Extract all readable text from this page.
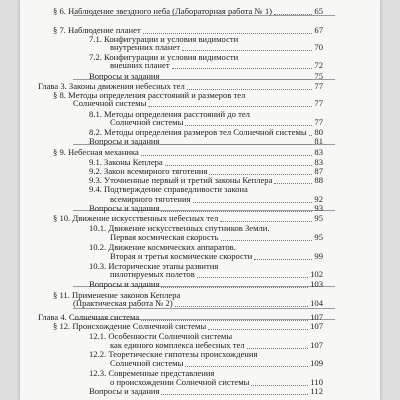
§ 6. Наблюдение звездного неба (Лабораторная работа № 1)	65
§ 7. Наблюдение планет	67
7.1. Конфигурации и условия видимости
внутренних планет	70
7.2. Конфигурации и условия видимости
внешних планет	72
Вопросы и задания	75
Глава 3. Законы движения небесных тел	77
§ 8. Методы определения расстояний и размеров тел
Солнечной системы	77
8.1. Методы определения расстояний до тел
Солнечной системы	77
8.2. Методы определения размеров тел Солнечной системы 80
Вопросы и задания	81
§ 9. Небесная механика	83
9.1. Законы Кеплера	83
9.2. Закон всемирного тяготения	87
9.3. Уточненные первый и третий законы Кеплера	88
9.4. Подтверждение справедливости закона
всемирного тяготения	92
Вопросы и задания	93
§ 10. Движение искусственных небесных тел	95
10.1. Движение искусственных спутников Земли.
Первая космическая скорость	95
10.2. Движение космических аппаратов.
Вторая и третья космические скорости	99
10.3. Исторические этапы развития
пилотируемых полетов	102
Вопросы и задания	103
§ 11. Применение законов Кеплера
(Практическая работа № 2)	104
Глава 4. Солнечная система	107
§ 12. Происхождение Солнечной системы	107
12.1. Особенности Солнечной системы
как единого комплекса небесных тел	107
12.2. Теоретические гипотезы происхождения
Солнечной системы	109
12.3. Современные представления
о происхождении Солнечной системы	110
Вопросы и задания	112
